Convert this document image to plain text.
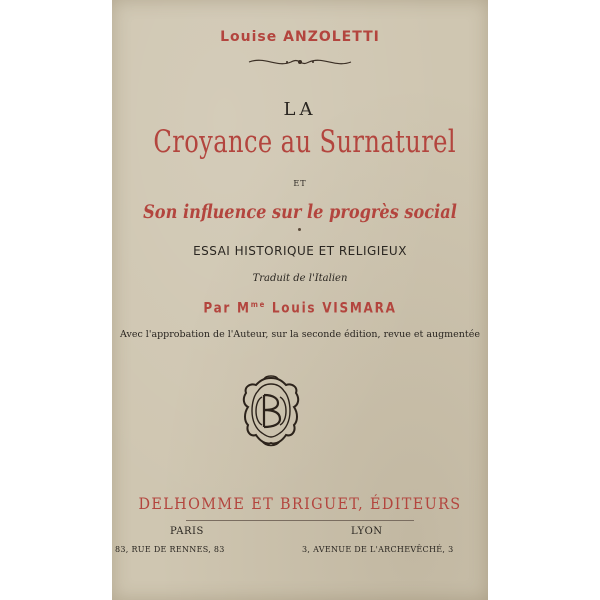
Louise ANZOLETTI
LA
Croyance au Surnaturel
ET
Son influence sur le progrès social
ESSAI HISTORIQUE ET RELIGIEUX
Traduit de l'Italien
Par $M^{me}$ Louis VISMARA
Avec l'approbation de l'Auteur, sur la seconde édition, revue et augmentée
DELHOMME ET BRIGUET, ÉDITEURS
PARIS	LYON
83, RUE DE RENNES, 83	3, AVENUE DE L'ARCHEVÊCHÉ, 3
